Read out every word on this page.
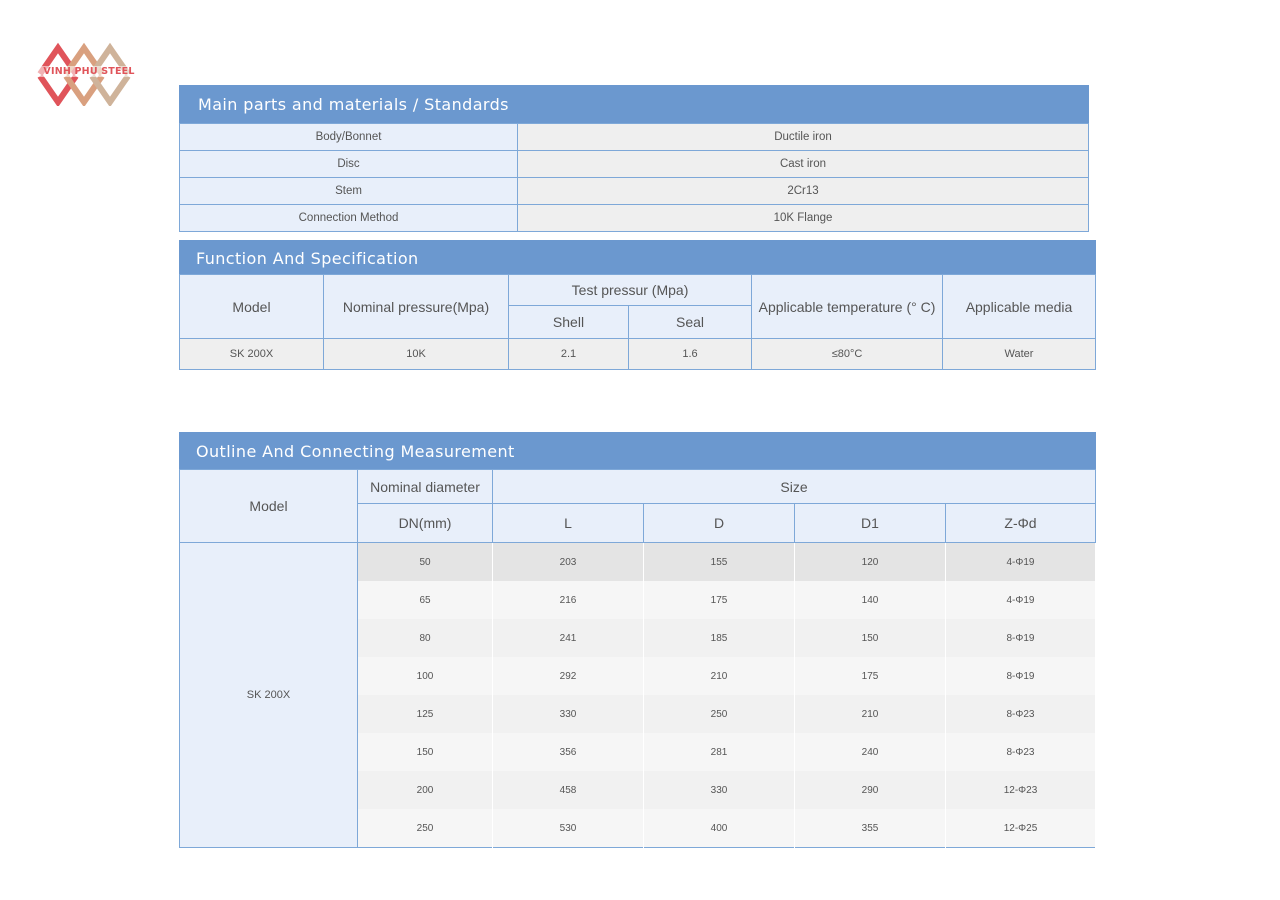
VINH PHU STEEL
Main parts and materials / Standards
Body/Bonnet	Ductile iron
Disc	Cast iron
Stem	2Cr13
Connection Method	10K Flange
Function And Specification
Model	Nominal pressure(Mpa)	Test pressur (Mpa)		Applicable temperature (° C)	Applicable media
		Shell	Seal		
SK 200X	10K	2.1	1.6	≤80°C	Water
Outline And Connecting Measurement
Model	Nominal diameter	Size			
	DN(mm)	L	D	D1	Z-Φd
SK 200X	50	203	155	120	4-Φ19
	65	216	175	140	4-Φ19
	80	241	185	150	8-Φ19
	100	292	210	175	8-Φ19
	125	330	250	210	8-Φ23
	150	356	281	240	8-Φ23
	200	458	330	290	12-Φ23
	250	530	400	355	12-Φ25
